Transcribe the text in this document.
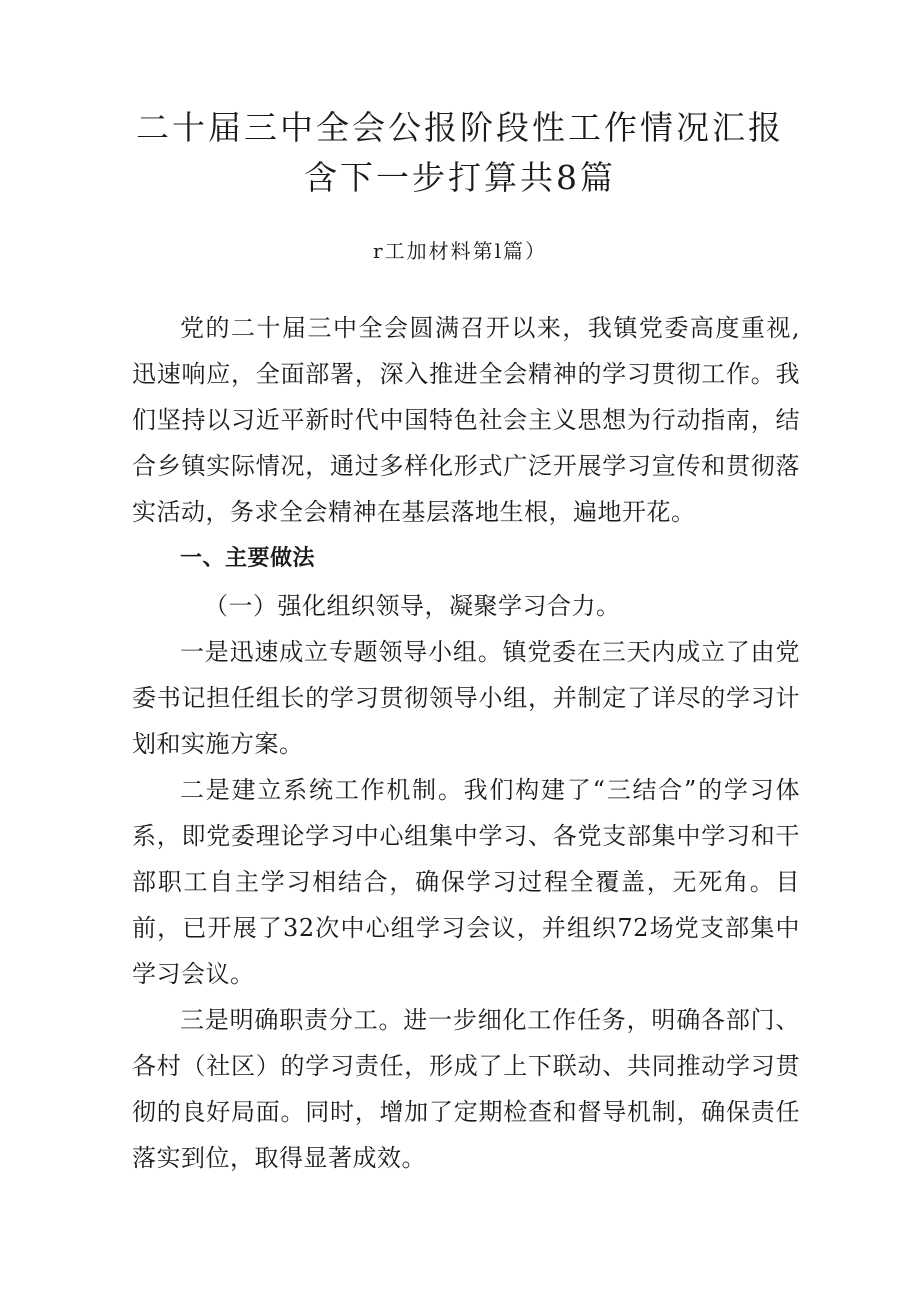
二十届三中全会公报阶段性工作情况汇报
含下一步打算共8篇
r工加材料第l篇）

党的二十届三中全会圆满召开以来，我镇党委高度重视,迅速响应，全面部署，深入推进全会精神的学习贯彻工作。我们坚持以习近平新时代中国特色社会主义思想为行动指南，结合乡镇实际情况，通过多样化形式广泛开展学习宣传和贯彻落实活动，务求全会精神在基层落地生根，遍地开花。

一、主要做法

（一）强化组织领导，凝聚学习合力。

一是迅速成立专题领导小组。镇党委在三天内成立了由党委书记担任组长的学习贯彻领导小组，并制定了详尽的学习计划和实施方案。

二是建立系统工作机制。我们构建了“三结合”的学习体系，即党委理论学习中心组集中学习、各党支部集中学习和干部职工自主学习相结合，确保学习过程全覆盖，无死角。目前，已开展了32次中心组学习会议，并组织72场党支部集中学习会议。

三是明确职责分工。进一步细化工作任务，明确各部门、各村（社区）的学习责任，形成了上下联动、共同推动学习贯彻的良好局面。同时，增加了定期检查和督导机制，确保责任落实到位，取得显著成效。
